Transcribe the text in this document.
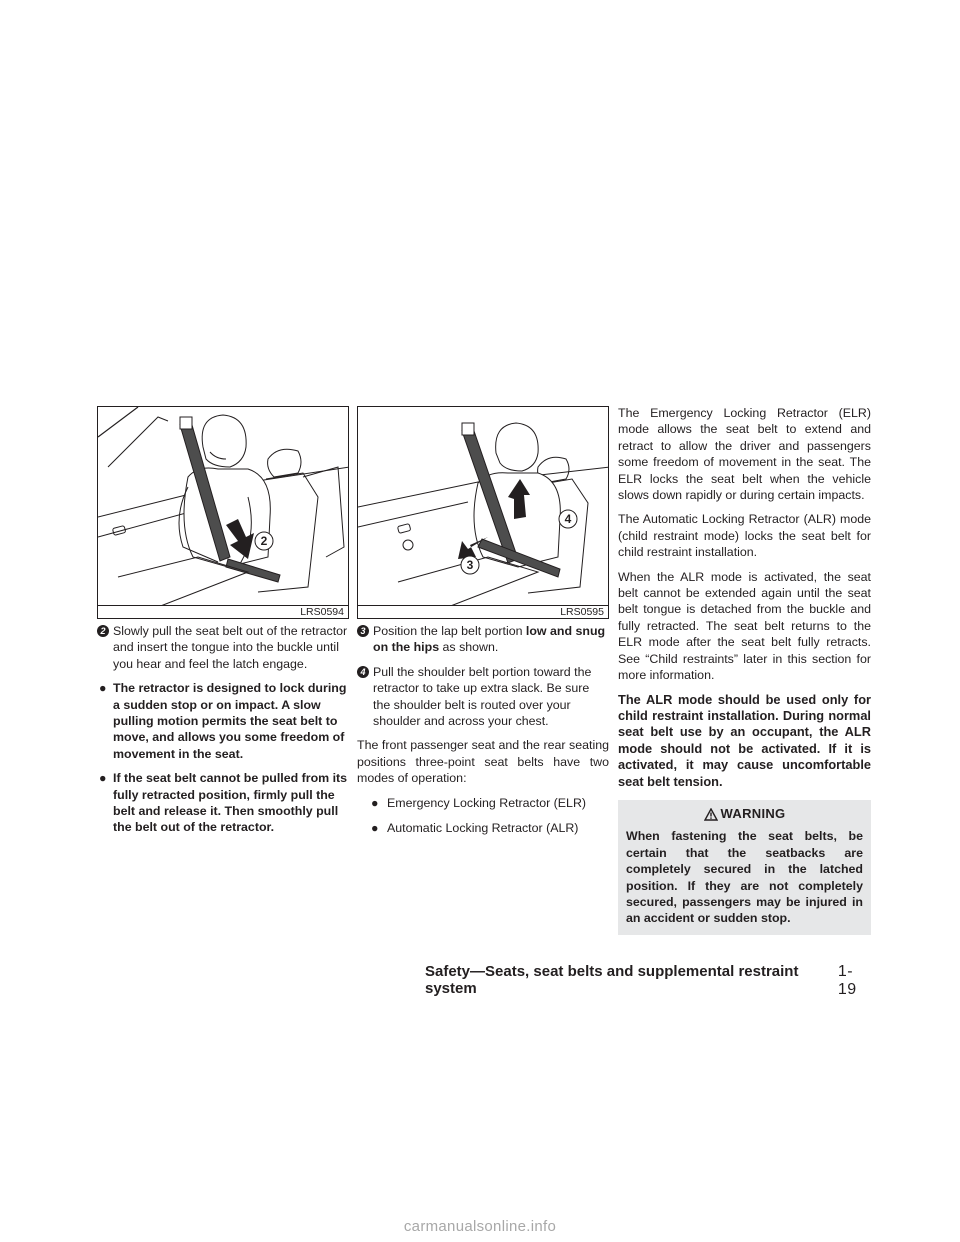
2
LRS0594
2 Slowly pull the seat belt out of the retractor and insert the tongue into the buckle until you hear and feel the latch engage.
● The retractor is designed to lock during a sudden stop or on impact. A slow pulling motion permits the seat belt to move, and allows you some freedom of movement in the seat.
● If the seat belt cannot be pulled from its fully retracted position, firmly pull the belt and release it. Then smoothly pull the belt out of the retractor.
4
3
LRS0595
3 Position the lap belt portion low and snug on the hips as shown.
4 Pull the shoulder belt portion toward the retractor to take up extra slack. Be sure the shoulder belt is routed over your shoulder and across your chest.

The front passenger seat and the rear seating positions three-point seat belts have two modes of operation:

● Emergency Locking Retractor (ELR)
● Automatic Locking Retractor (ALR)

The Emergency Locking Retractor (ELR) mode allows the seat belt to extend and retract to allow the driver and passengers some freedom of movement in the seat. The ELR locks the seat belt when the vehicle slows down rapidly or during certain impacts.

The Automatic Locking Retractor (ALR) mode (child restraint mode) locks the seat belt for child restraint installation.

When the ALR mode is activated, the seat belt cannot be extended again until the seat belt tongue is detached from the buckle and fully retracted. The seat belt returns to the ELR mode after the seat belt fully retracts. See “Child restraints” later in this section for more information.

The ALR mode should be used only for child restraint installation. During normal seat belt use by an occupant, the ALR mode should not be activated. If it is activated, it may cause uncomfortable seat belt tension.

WARNING
When fastening the seat belts, be certain that the seatbacks are completely secured in the latched position. If they are not completely secured, passengers may be injured in an accident or sudden stop.
Safety—Seats, seat belts and supplemental restraint system
1-19
carmanualsonline.info
